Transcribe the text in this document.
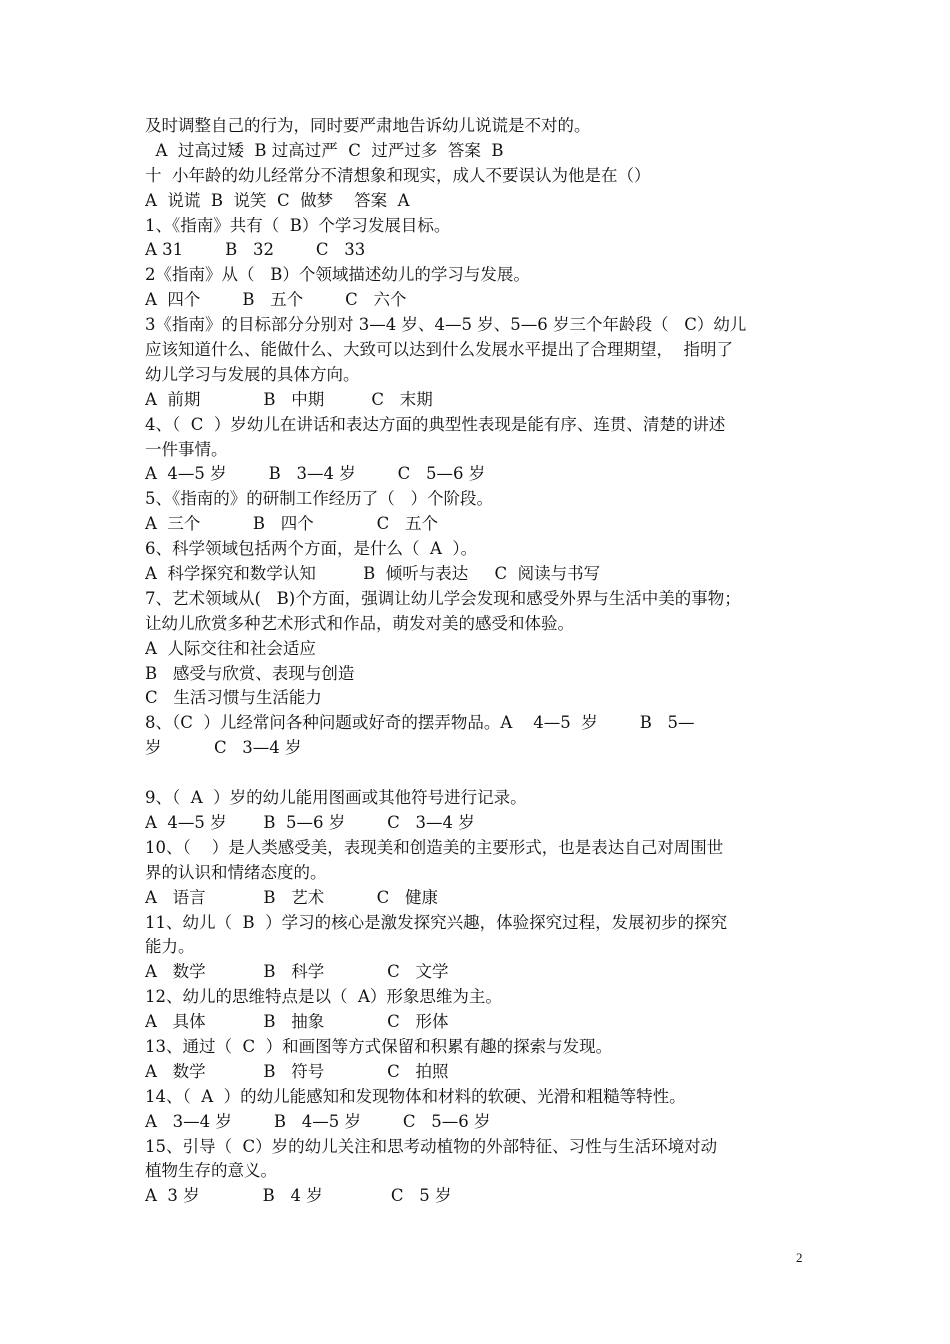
及时调整自己的行为，同时要严肃地告诉幼儿说谎是不对的。
A  过高过矮  B 过高过严  C  过严过多  答案  B
十  小年龄的幼儿经常分不清想象和现实，成人不要误认为他是在（）
A  说谎  B  说笑  C  做梦    答案  A
1、《指南》共有（  B）个学习发展目标。
A 31        B   32        C   33
2《指南》从（   B）个领域描述幼儿的学习与发展。
A  四个        B   五个        C   六个
3《指南》的目标部分分别对 3—4 岁、4—5 岁、5—6 岁三个年龄段（   C）幼儿
应该知道什么、能做什么、大致可以达到什么发展水平提出了合理期望，  指明了
幼儿学习与发展的具体方向。
A  前期            B   中期         C   末期
4、（  C  ）岁幼儿在讲话和表达方面的典型性表现是能有序、连贯、清楚的讲述
一件事情。
A  4—5 岁        B   3—4 岁        C   5—6 岁
5、《指南的》的研制工作经历了（   ）个阶段。
A  三个          B   四个            C   五个
6、科学领域包括两个方面，是什么（  A  ）。
A  科学探究和数学认知         B  倾听与表达     C  阅读与书写
7、艺术领域从(   B)个方面，强调让幼儿学会发现和感受外界与生活中美的事物；
让幼儿欣赏多种艺术形式和作品，萌发对美的感受和体验。
A  人际交往和社会适应
B   感受与欣赏、表现与创造
C   生活习惯与生活能力
8、（C  ）儿经常问各种问题或好奇的摆弄物品。A    4—5  岁        B   5—
岁          C   3—4 岁
9、（  A  ）岁的幼儿能用图画或其他符号进行记录。
A  4—5 岁       B  5—6 岁        C   3—4 岁
10、（    ）是人类感受美，表现美和创造美的主要形式，也是表达自己对周围世
界的认识和情绪态度的。
A   语言           B   艺术          C   健康
11、幼儿（  B  ）学习的核心是激发探究兴趣，体验探究过程，发展初步的探究
能力。
A   数学           B   科学            C   文学
12、幼儿的思维特点是以（  A）形象思维为主。
A   具体           B   抽象            C   形体
13、通过（  C  ）和画图等方式保留和积累有趣的探索与发现。
A   数学           B   符号            C   拍照
14、（  A  ）的幼儿能感知和发现物体和材料的软硬、光滑和粗糙等特性。
A   3—4 岁        B   4—5 岁        C   5—6 岁
15、引导（  C）岁的幼儿关注和思考动植物的外部特征、习性与生活环境对动
植物生存的意义。
A  3 岁            B   4 岁             C   5 岁
2
